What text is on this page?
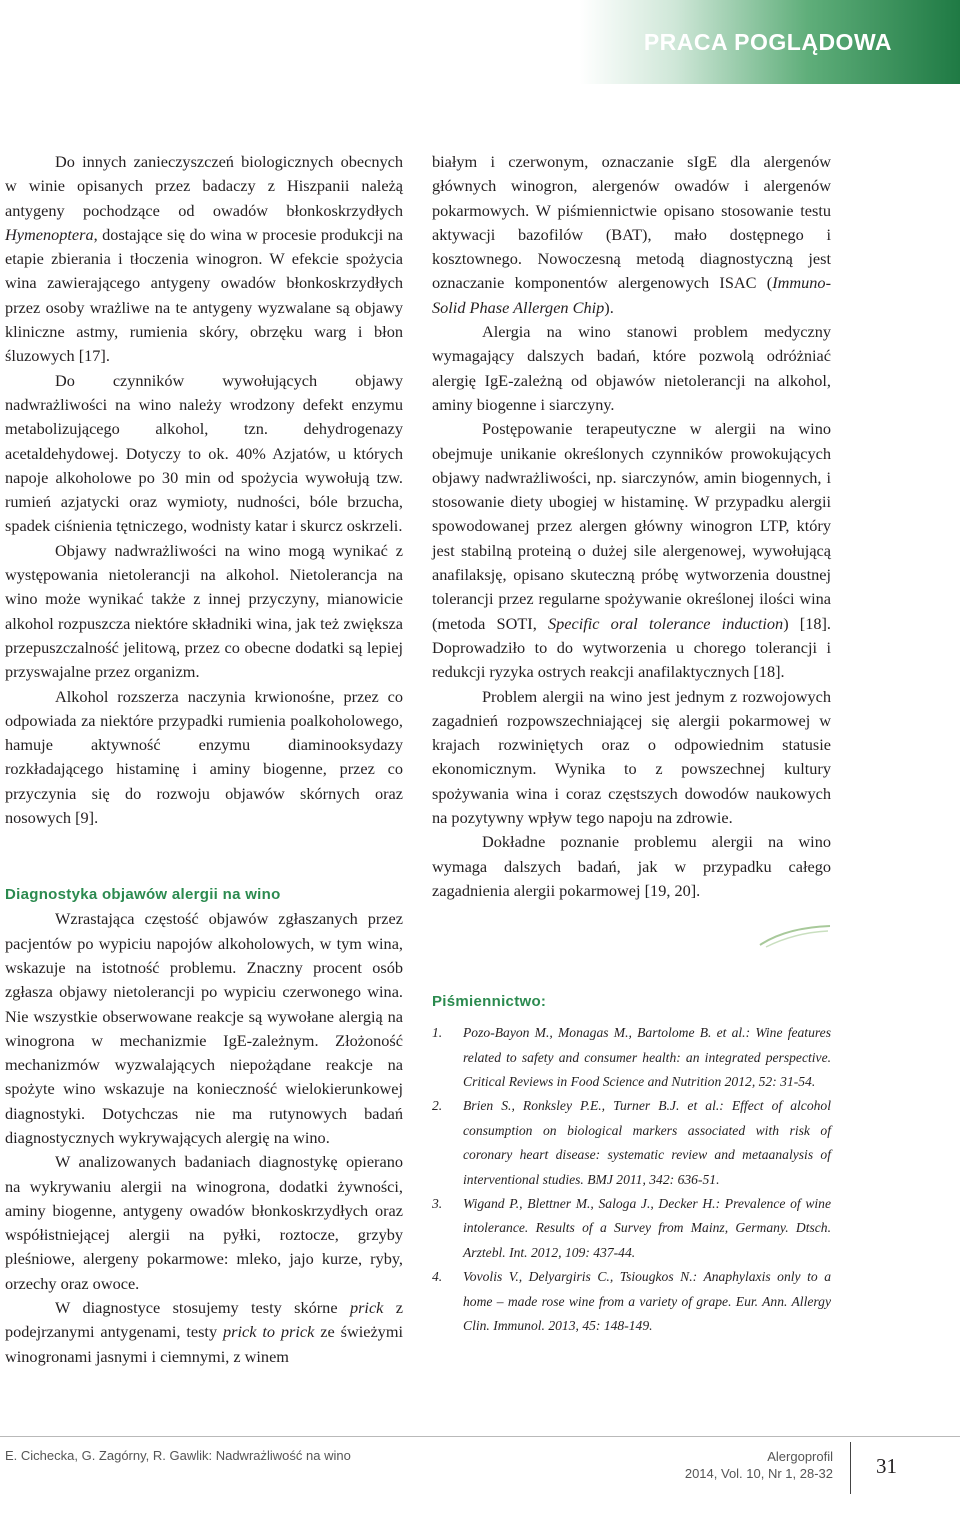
PRACA POGLĄDOWA

Do innych zanieczyszczeń biologicznych obecnych w winie opisanych przez badaczy z Hiszpanii należą antygeny pochodzące od owadów błonkoskrzydłych Hymenoptera, dostające się do wina w procesie produkcji na etapie zbierania i tłoczenia winogron. W efekcie spożycia wina zawierającego antygeny owadów błonkoskrzydłych przez osoby wrażliwe na te antygeny wyzwalane są objawy kliniczne astmy, rumienia skóry, obrzęku warg i błon śluzowych [17].

Do czynników wywołujących objawy nadwrażliwości na wino należy wrodzony defekt enzymu metabolizującego alkohol, tzn. dehydrogenazy acetaldehydowej. Dotyczy to ok. 40% Azjatów, u których napoje alkoholowe po 30 min od spożycia wywołują tzw. rumień azjatycki oraz wymioty, nudności, bóle brzucha, spadek ciśnienia tętniczego, wodnisty katar i skurcz oskrzeli.

Objawy nadwrażliwości na wino mogą wynikać z występowania nietolerancji na alkohol. Nietolerancja na wino może wynikać także z innej przyczyny, mianowicie alkohol rozpuszcza niektóre składniki wina, jak też zwiększa przepuszczalność jelitową, przez co obecne dodatki są lepiej przyswajalne przez organizm.

Alkohol rozszerza naczynia krwionośne, przez co odpowiada za niektóre przypadki rumienia poalkoholowego, hamuje aktywność enzymu diaminooksydazy rozkładającego histaminę i aminy biogenne, przez co przyczynia się do rozwoju objawów skórnych oraz nosowych [9].

Diagnostyka objawów alergii na wino

Wzrastająca częstość objawów zgłaszanych przez pacjentów po wypiciu napojów alkoholowych, w tym wina, wskazuje na istotność problemu. Znaczny procent osób zgłasza objawy nietolerancji po wypiciu czerwonego wina. Nie wszystkie obserwowane reakcje są wywołane alergią na winogrona w mechanizmie IgE-zależnym. Złożoność mechanizmów wyzwalających niepożądane reakcje na spożyte wino wskazuje na konieczność wielokierunkowej diagnostyki. Dotychczas nie ma rutynowych badań diagnostycznych wykrywających alergię na wino.

W analizowanych badaniach diagnostykę opierano na wykrywaniu alergii na winogrona, dodatki żywności, aminy biogenne, antygeny owadów błonkoskrzydłych oraz współistniejącej alergii na pyłki, roztocze, grzyby pleśniowe, alergeny pokarmowe: mleko, jajo kurze, ryby, orzechy oraz owoce.

W diagnostyce stosujemy testy skórne prick z podejrzanymi antygenami, testy prick to prick ze świeżymi winogronami jasnymi i ciemnymi, z winem

białym i czerwonym, oznaczanie sIgE dla alergenów głównych winogron, alergenów owadów i alergenów pokarmowych. W piśmiennictwie opisano stosowanie testu aktywacji bazofilów (BAT), mało dostępnego i kosztownego. Nowoczesną metodą diagnostyczną jest oznaczanie komponentów alergenowych ISAC (Immuno-Solid Phase Allergen Chip).

Alergia na wino stanowi problem medyczny wymagający dalszych badań, które pozwolą odróżniać alergię IgE-zależną od objawów nietolerancji na alkohol, aminy biogenne i siarczyny.

Postępowanie terapeutyczne w alergii na wino obejmuje unikanie określonych czynników prowokujących objawy nadwrażliwości, np. siarczynów, amin biogennych, i stosowanie diety ubogiej w histaminę. W przypadku alergii spowodowanej przez alergen główny winogron LTP, który jest stabilną proteiną o dużej sile alergenowej, wywołującą anafilaksję, opisano skuteczną próbę wytworzenia doustnej tolerancji przez regularne spożywanie określonej ilości wina (metoda SOTI, Specific oral tolerance induction) [18]. Doprowadziło to do wytworzenia u chorego tolerancji i redukcji ryzyka ostrych reakcji anafilaktycznych [18].

Problem alergii na wino jest jednym z rozwojowych zagadnień rozpowszechniającej się alergii pokarmowej w krajach rozwiniętych oraz o odpowiednim statusie ekonomicznym. Wynika to z powszechnej kultury spożywania wina i coraz częstszych dowodów naukowych na pozytywny wpływ tego napoju na zdrowie.

Dokładne poznanie problemu alergii na wino wymaga dalszych badań, jak w przypadku całego zagadnienia alergii pokarmowej [19, 20].

Piśmiennictwo:
1. Pozo-Bayon M., Monagas M., Bartolome B. et al.: Wine features related to safety and consumer health: an integrated perspective. Critical Reviews in Food Science and Nutrition 2012, 52: 31-54.
2. Brien S., Ronksley P.E., Turner B.J. et al.: Effect of alcohol consumption on biological markers associated with risk of coronary heart disease: systematic review and metaanalysis of interventional studies. BMJ 2011, 342: 636-51.
3. Wigand P., Blettner M., Saloga J., Decker H.: Prevalence of wine intolerance. Results of a Survey from Mainz, Germany. Dtsch. Arztebl. Int. 2012, 109: 437-44.
4. Vovolis V., Delyargiris C., Tsiougkos N.: Anaphylaxis only to a home – made rose wine from a variety of grape. Eur. Ann. Allergy Clin. Immunol. 2013, 45: 148-149.
E. Cichecka, G. Zagórny, R. Gawlik: Nadwrażliwość na wino	Alergoprofil
2014, Vol. 10, Nr 1, 28-32 31
